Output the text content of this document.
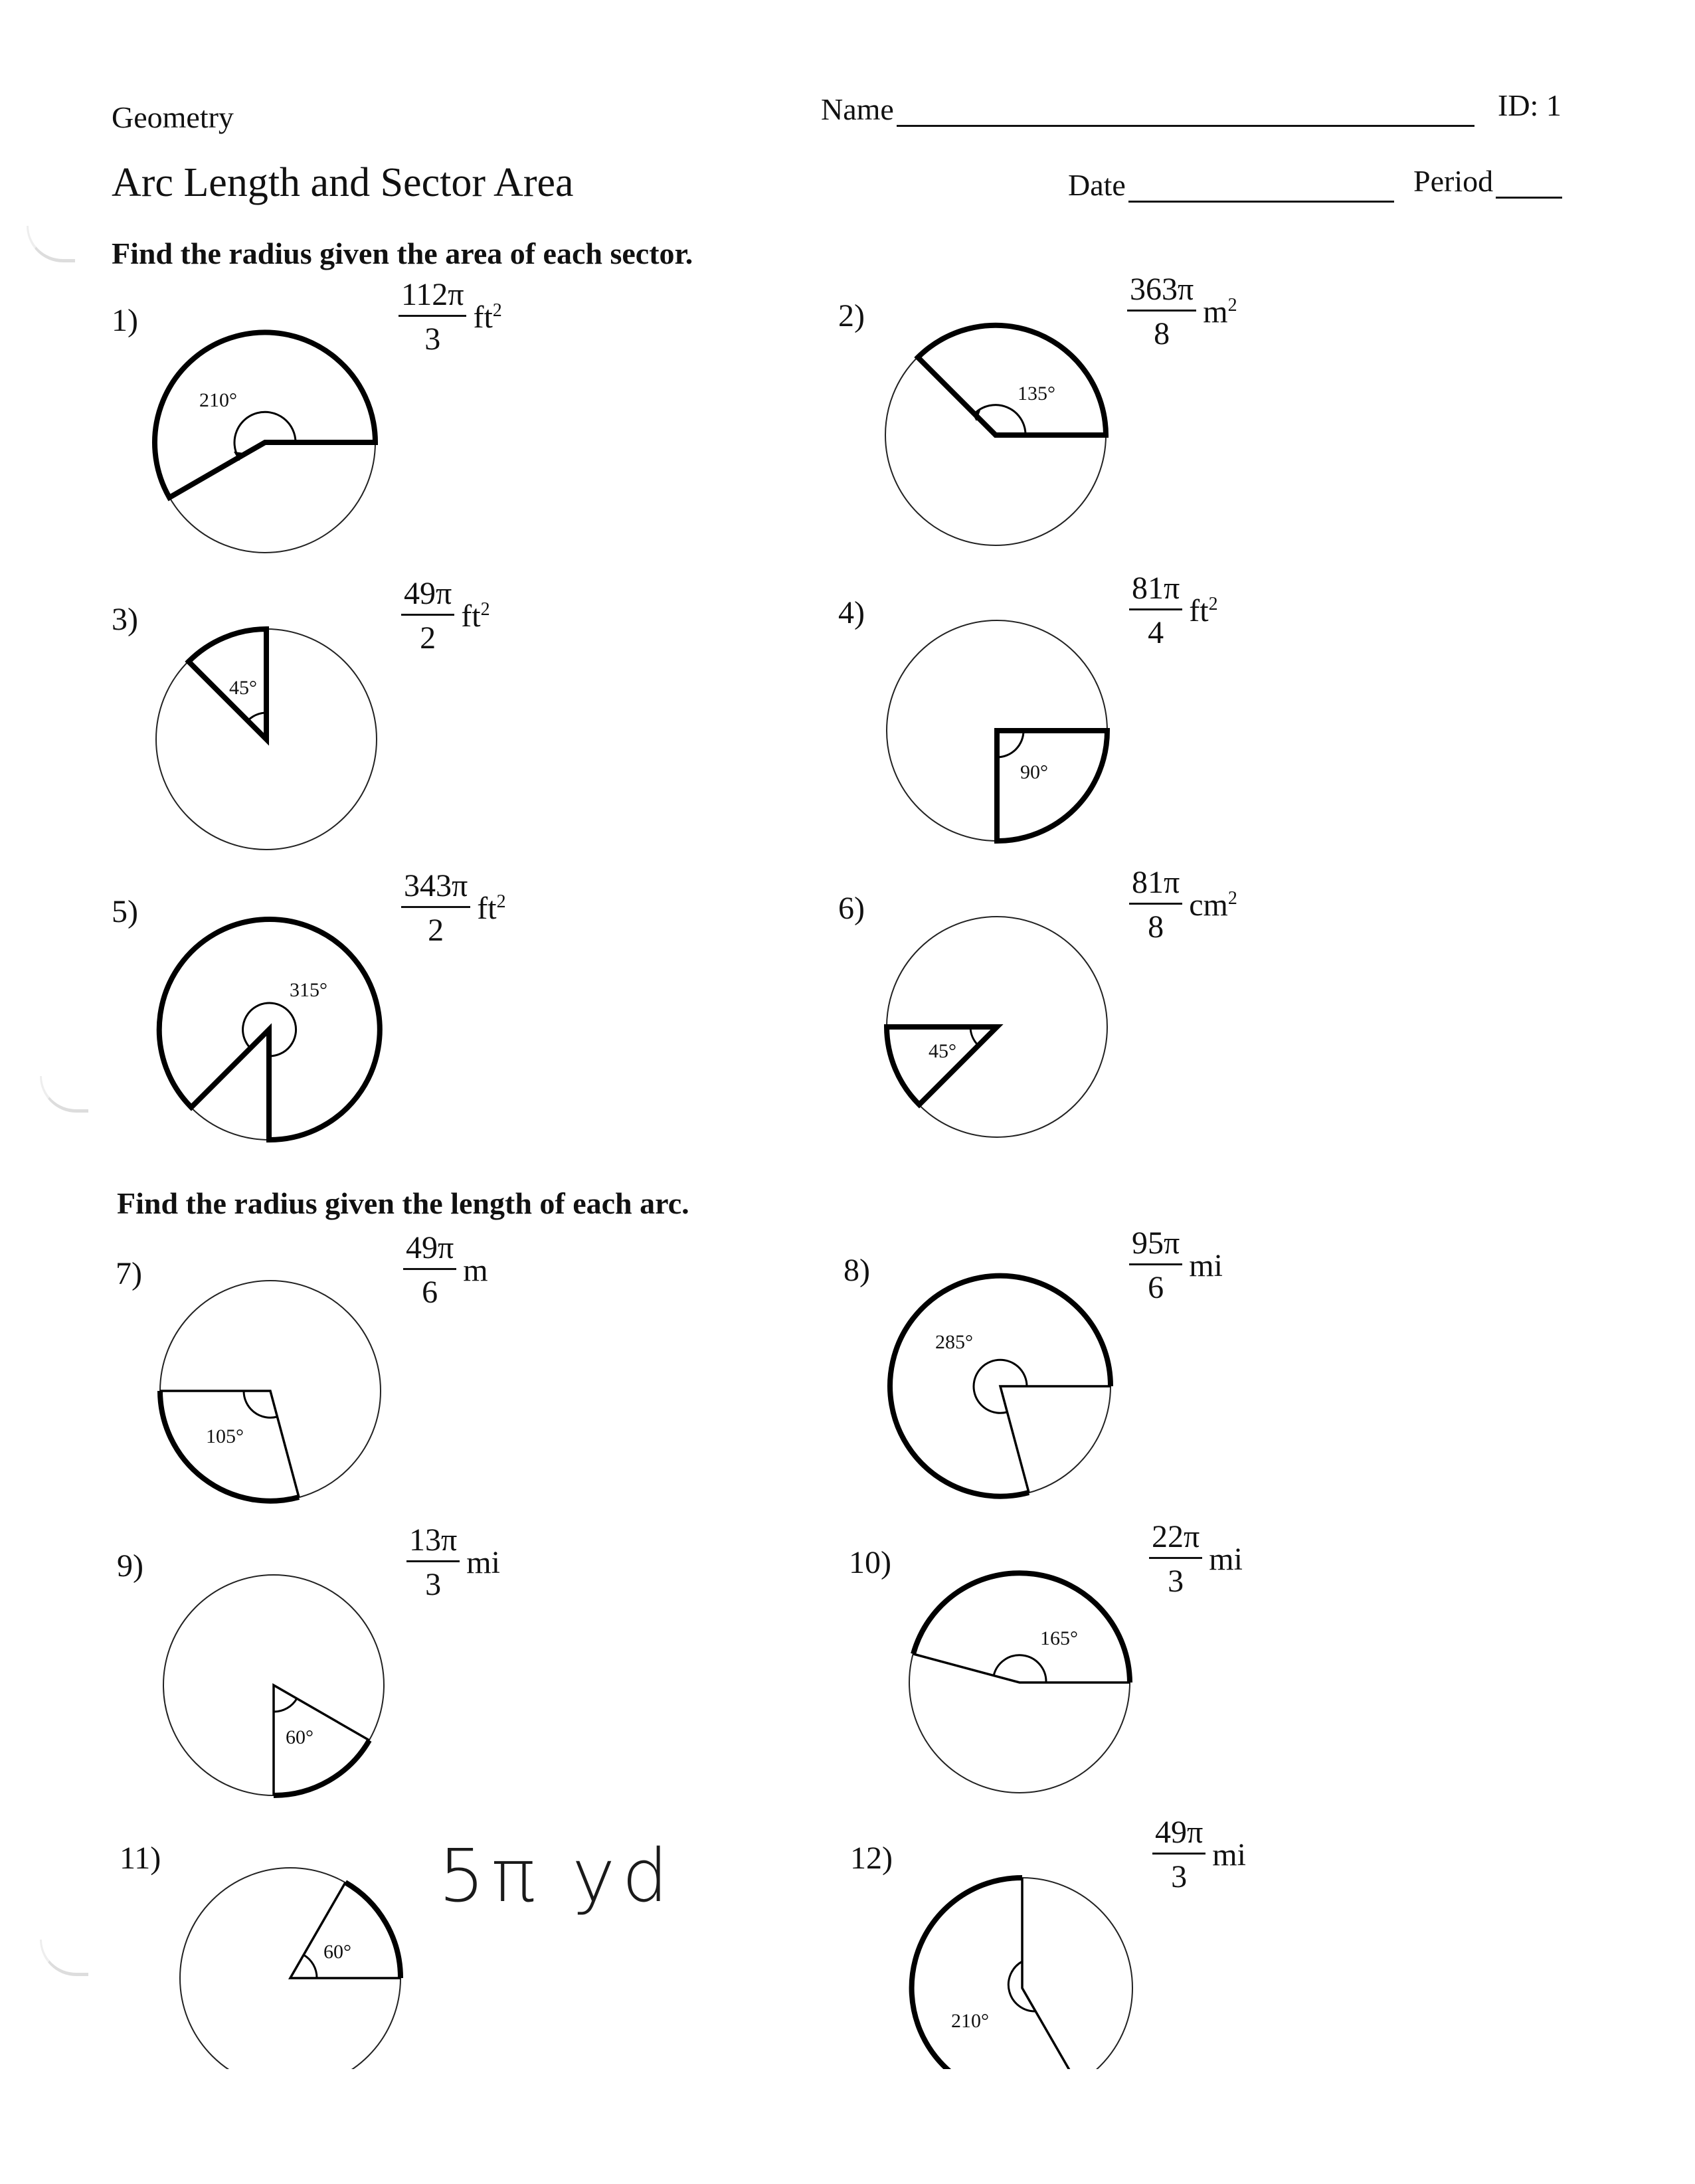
Geometry
Arc Length and Sector Area
Name	ID: 1
Date	Period
Find the radius given the area of each sector.
1)	$\frac{112\pi}{3} ft^2$	2)	$\frac{363\pi}{8} m^2$
3)	$\frac{49\pi}{2} ft^2$	4)	$\frac{81\pi}{4} ft^2$
5)	$\frac{343\pi}{2} ft^2$	6)	$\frac{81\pi}{8} cm^2$
Find the radius given the length of each arc.
7)	$\frac{49\pi}{6}$ m	8)	$\frac{95\pi}{6}$ mi
9)	$\frac{13\pi}{3}$ mi	10)	$\frac{22\pi}{3}$ mi
11)	5π yd	12)	$\frac{49\pi}{3}$ mi
210°	135°
45°
90°
315°
45°
105°
285°
60°
165°
60°
210°
